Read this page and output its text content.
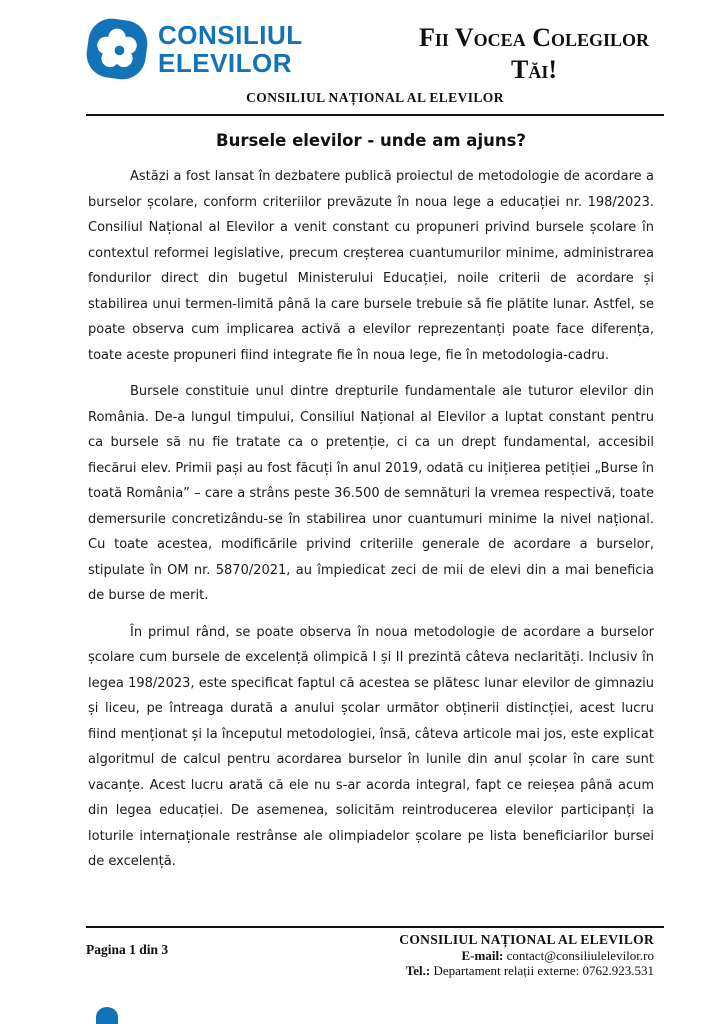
CONSILIUL
ELEVILOR
Fii Vocea Colegilor
Tăi!
CONSILIUL NAȚIONAL AL ELEVILOR
Bursele elevilor - unde am ajuns?

Astăzi a fost lansat în dezbatere publică proiectul de metodologie de acordare a burselor școlare, conform criteriilor prevăzute în noua lege a educației nr. 198/2023. Consiliul Național al Elevilor a venit constant cu propuneri privind bursele școlare în contextul reformei legislative, precum creșterea cuantumurilor minime, administrarea fondurilor direct din bugetul Ministerului Educației, noile criterii de acordare și stabilirea unui termen-limită până la care bursele trebuie să fie plătite lunar. Astfel, se poate observa cum implicarea activă a elevilor reprezentanți poate face diferența, toate aceste propuneri fiind integrate fie în noua lege, fie în metodologia-cadru.

Bursele constituie unul dintre drepturile fundamentale ale tuturor elevilor din România. De-a lungul timpului, Consiliul Național al Elevilor a luptat constant pentru ca bursele să nu fie tratate ca o pretenție, ci ca un drept fundamental, accesibil fiecărui elev. Primii pași au fost făcuți în anul 2019, odată cu inițierea petiției „Burse în toată România” – care a strâns peste 36.500 de semnături la vremea respectivă, toate demersurile concretizându-se în stabilirea unor cuantumuri minime la nivel național. Cu toate acestea, modificările privind criteriile generale de acordare a burselor, stipulate în OM nr. 5870/2021, au împiedicat zeci de mii de elevi din a mai beneficia de burse de merit.

În primul rând, se poate observa în noua metodologie de acordare a burselor școlare cum bursele de excelență olimpică I și II prezintă câteva neclarități. Inclusiv în legea 198/2023, este specificat faptul că acestea se plătesc lunar elevilor de gimnaziu și liceu, pe întreaga durată a anului școlar următor obținerii distincției, acest lucru fiind menționat și la începutul metodologiei, însă, câteva articole mai jos, este explicat algoritmul de calcul pentru acordarea burselor în lunile din anul școlar în care sunt vacanțe. Acest lucru arată că ele nu s-ar acorda integral, fapt ce reieșea până acum din legea educației. De asemenea, solicităm reintroducerea elevilor participanți la loturile internaționale restrânse ale olimpiadelor școlare pe lista beneficiarilor bursei de excelență.

Pagina 1 din 3
CONSILIUL NAȚIONAL AL ELEVILOR
E-mail: contact@consiliulelevilor.ro
Tel.: Departament relații externe: 0762.923.531
